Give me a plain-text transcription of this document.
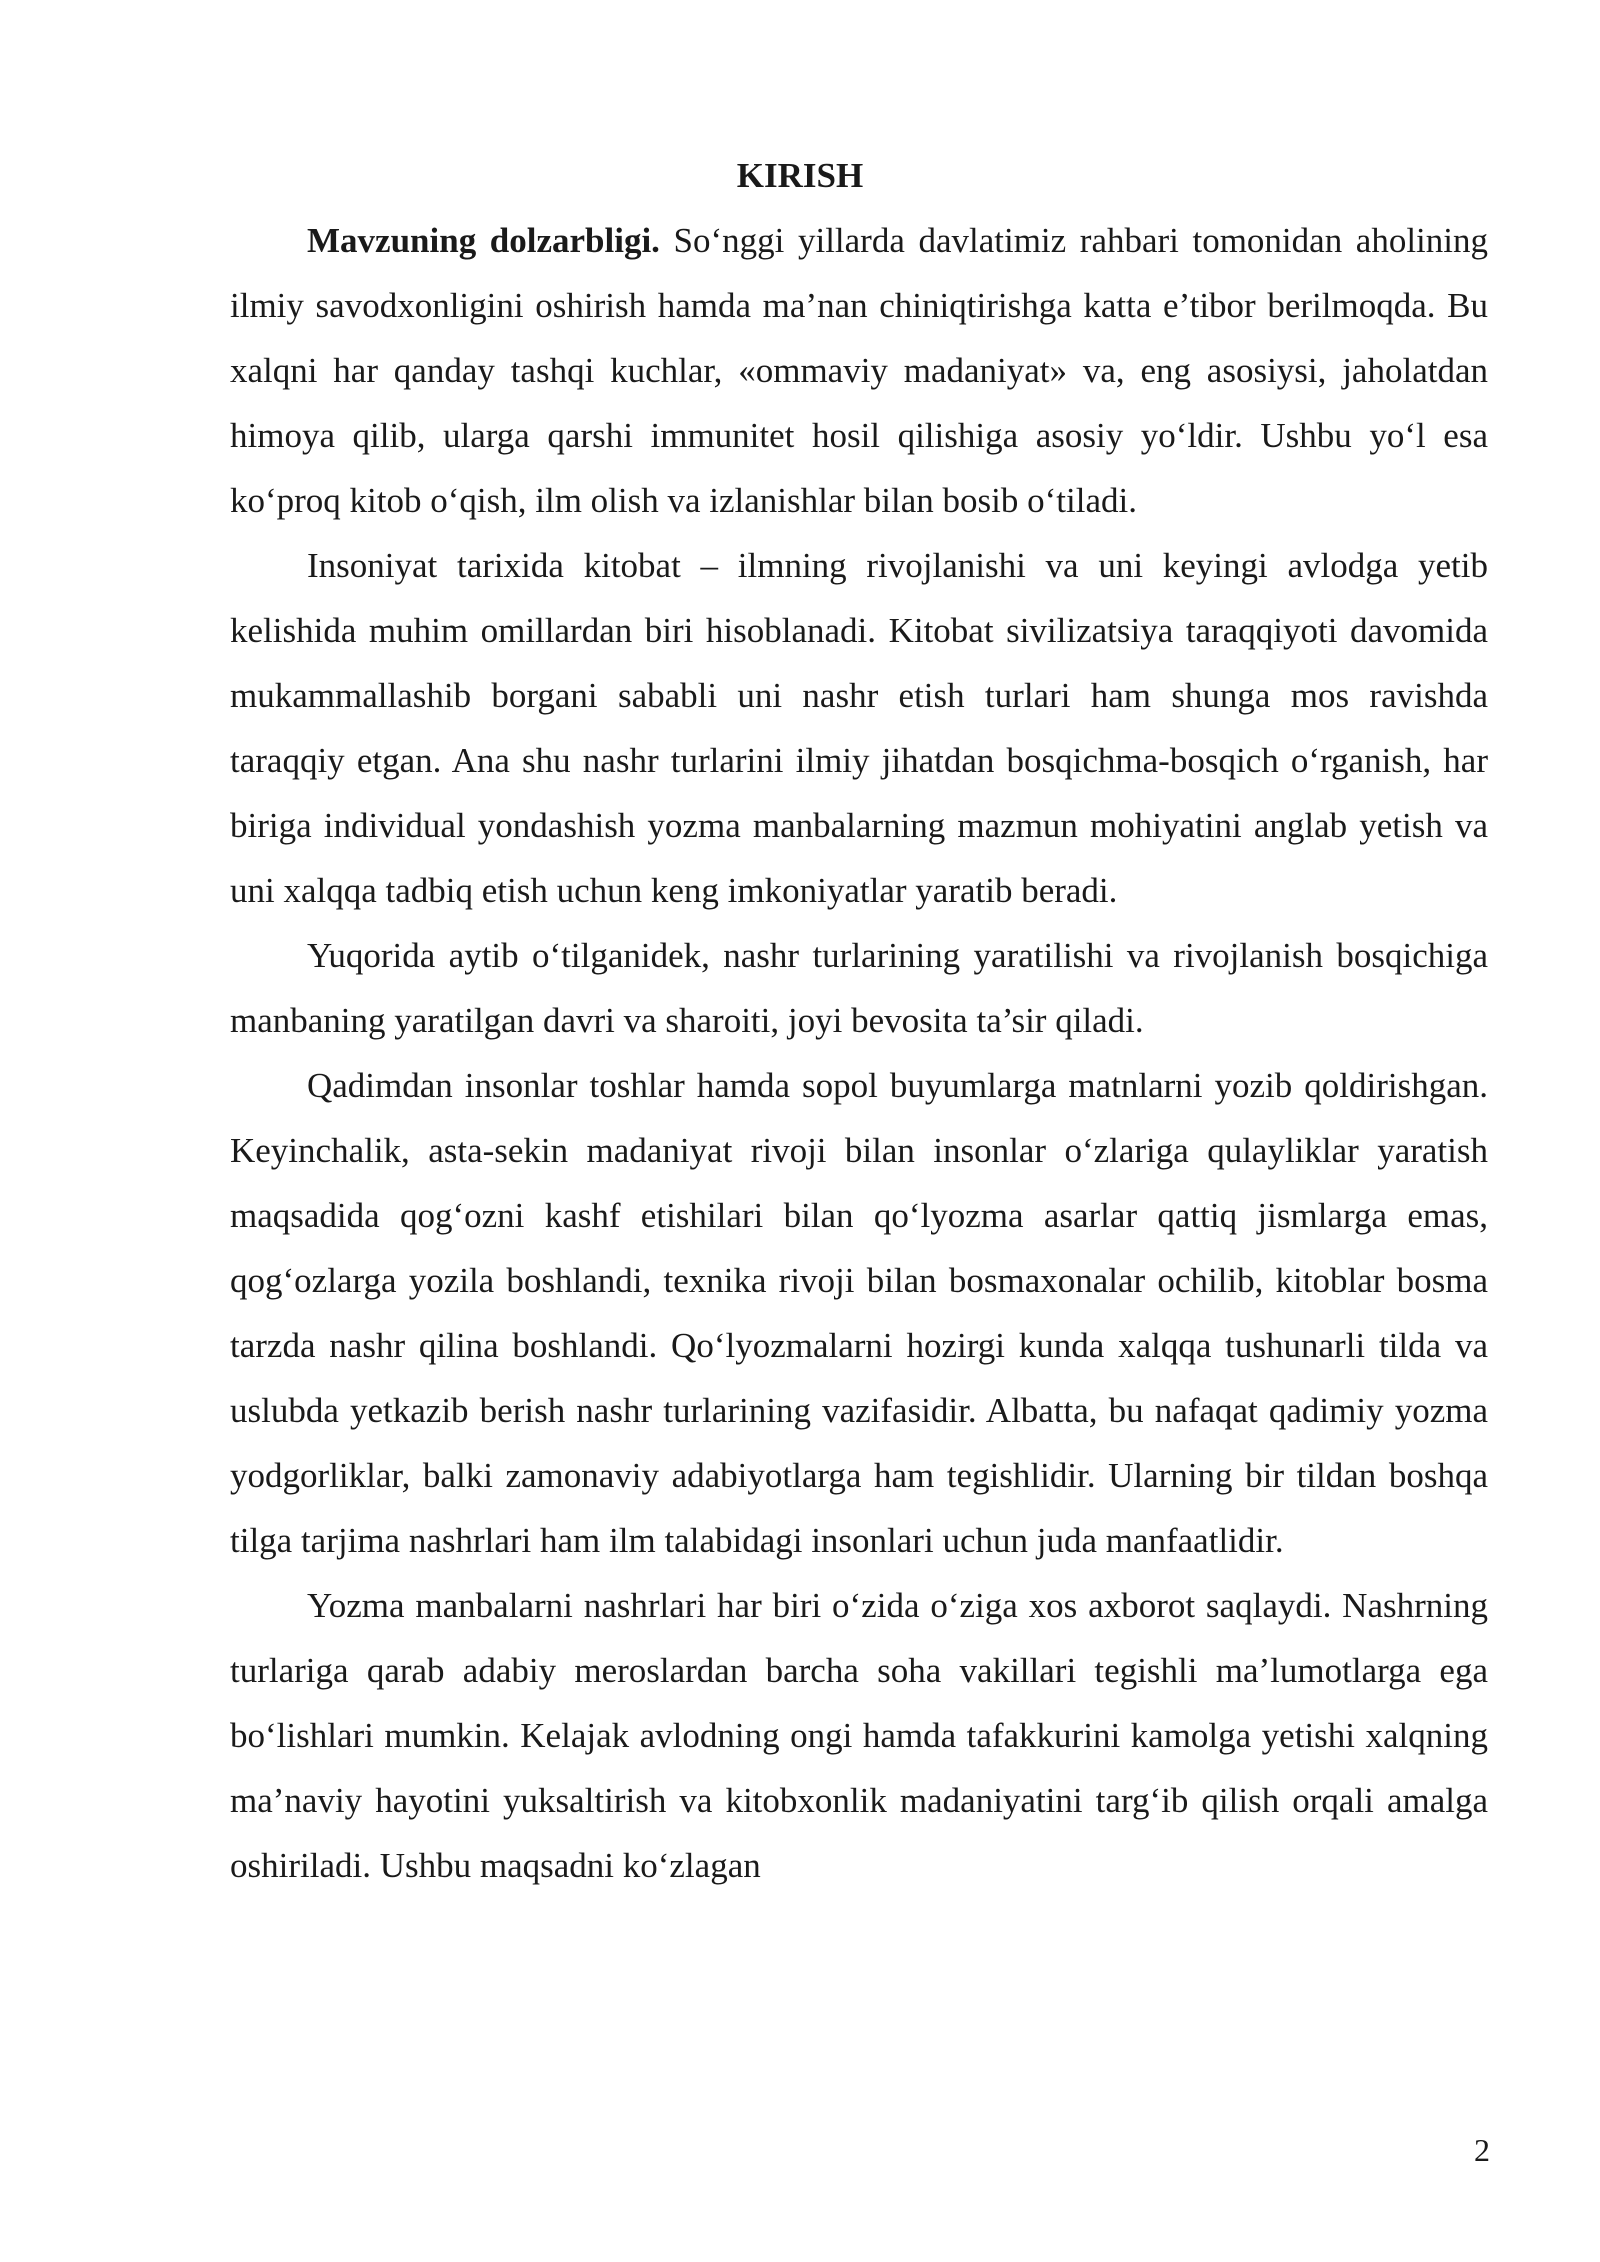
KIRISH

Mavzuning dolzarbligi. So‘nggi yillarda davlatimiz rahbari tomonidan aholining ilmiy savodxonligini oshirish hamda ma’nan chiniqtirishga katta e’tibor berilmoqda. Bu xalqni har qanday tashqi kuchlar, «ommaviy madaniyat» va, eng asosiysi, jaholatdan himoya qilib, ularga qarshi immunitet hosil qilishiga asosiy yo‘ldir. Ushbu yo‘l esa ko‘proq kitob o‘qish, ilm olish va izlanishlar bilan bosib o‘tiladi.

Insoniyat tarixida kitobat – ilmning rivojlanishi va uni keyingi avlodga yetib kelishida muhim omillardan biri hisoblanadi. Kitobat sivilizatsiya taraqqiyoti davomida mukammallashib borgani sababli uni nashr etish turlari ham shunga mos ravishda taraqqiy etgan. Ana shu nashr turlarini ilmiy jihatdan bosqichma-bosqich o‘rganish, har biriga individual yondashish yozma manbalarning mazmun mohiyatini anglab yetish va uni xalqqa tadbiq etish uchun keng imkoniyatlar yaratib beradi.

Yuqorida aytib o‘tilganidek, nashr turlarining yaratilishi va rivojlanish bosqichiga manbaning yaratilgan davri va sharoiti, joyi bevosita ta’sir qiladi.

Qadimdan insonlar toshlar hamda sopol buyumlarga matnlarni yozib qoldirishgan. Keyinchalik, asta-sekin madaniyat rivoji bilan insonlar o‘zlariga qulayliklar yaratish maqsadida qog‘ozni kashf etishilari bilan qo‘lyozma asarlar qattiq jismlarga emas, qog‘ozlarga yozila boshlandi, texnika rivoji bilan bosmaxonalar ochilib, kitoblar bosma tarzda nashr qilina boshlandi. Qo‘lyozmalarni hozirgi kunda xalqqa tushunarli tilda va uslubda yetkazib berish nashr turlarining vazifasidir. Albatta, bu nafaqat qadimiy yozma yodgorliklar, balki zamonaviy adabiyotlarga ham tegishlidir. Ularning bir tildan boshqa tilga tarjima nashrlari ham ilm talabidagi insonlari uchun juda manfaatlidir.

Yozma manbalarni nashrlari har biri o‘zida o‘ziga xos axborot saqlaydi. Nashrning turlariga qarab adabiy meroslardan barcha soha vakillari tegishli ma’lumotlarga ega bo‘lishlari mumkin. Kelajak avlodning ongi hamda tafakkurini kamolga yetishi xalqning ma’naviy hayotini yuksaltirish va kitobxonlik madaniyatini targ‘ib qilish orqali amalga oshiriladi. Ushbu maqsadni ko‘zlagan

2
